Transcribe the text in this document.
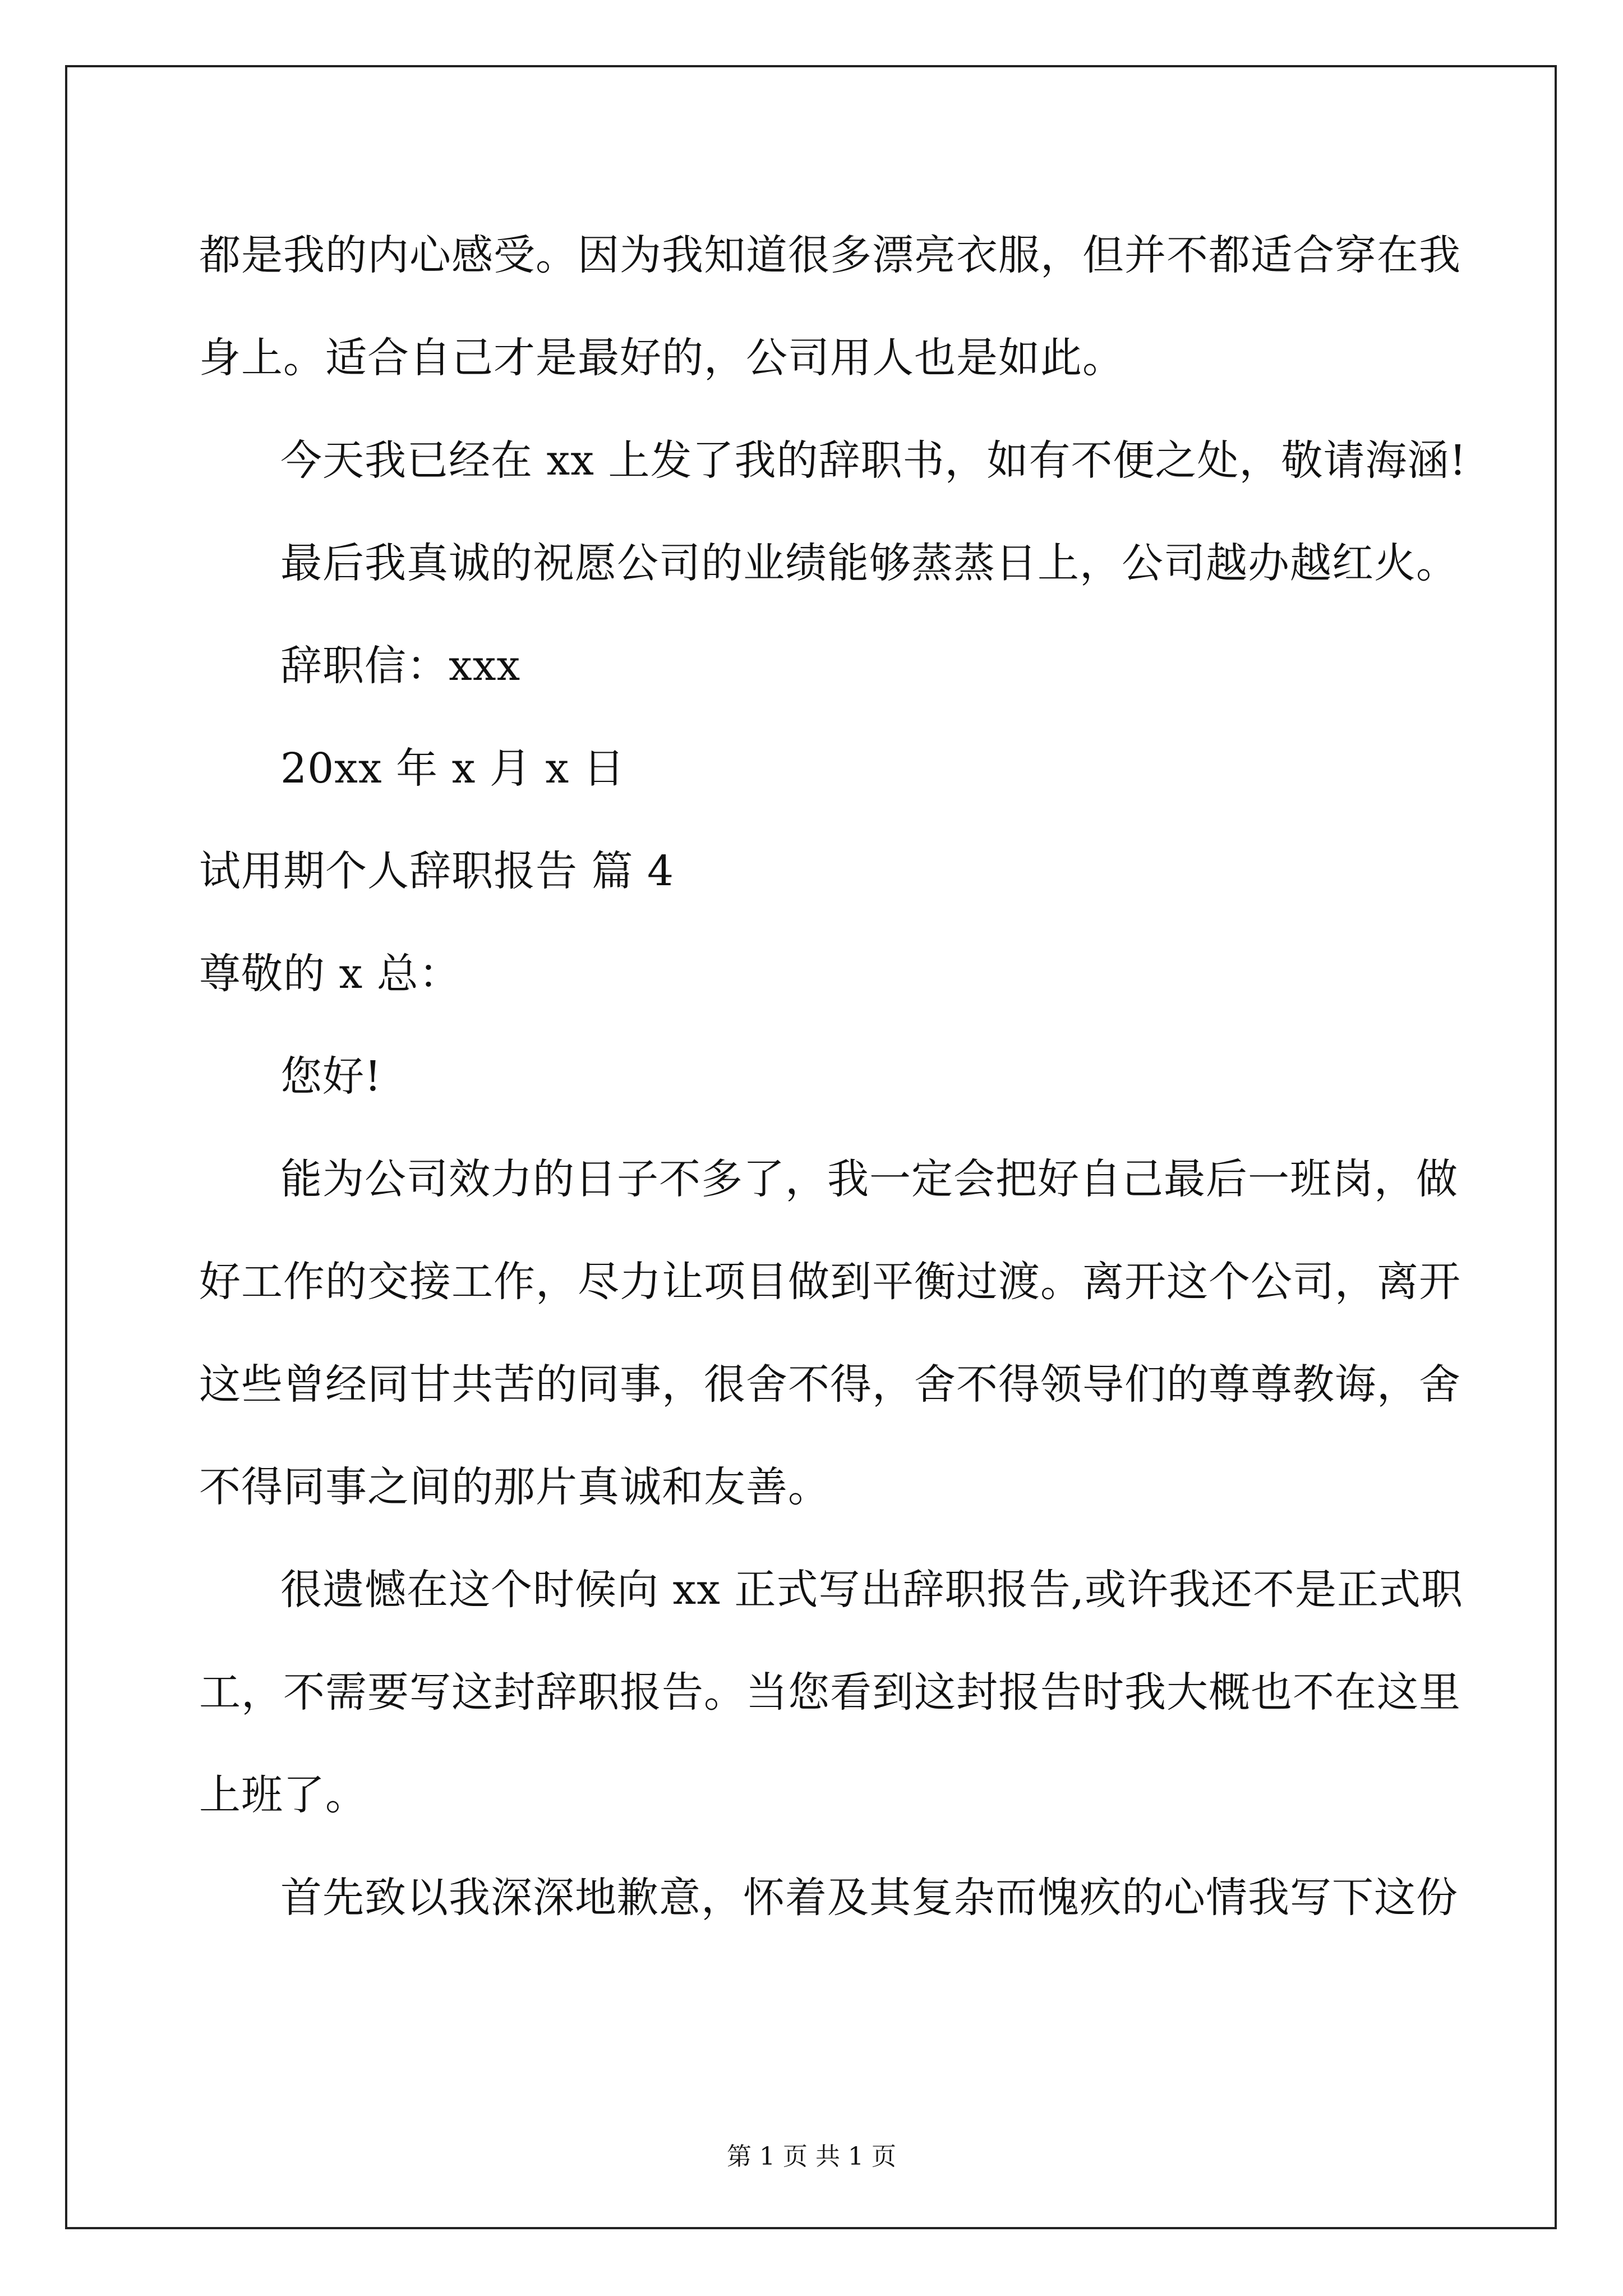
都是我的内心感受。因为我知道很多漂亮衣服，但并不都适合穿在我
身上。适合自己才是最好的，公司用人也是如此。
今天我已经在 xx 上发了我的辞职书，如有不便之处，敬请海涵!
最后我真诚的祝愿公司的业绩能够蒸蒸日上，公司越办越红火。
辞职信：xxx
20xx 年 x 月 x 日
试用期个人辞职报告 篇 4
尊敬的 x 总：
您好!
能为公司效力的日子不多了，我一定会把好自己最后一班岗，做
好工作的交接工作，尽力让项目做到平衡过渡。离开这个公司，离开
这些曾经同甘共苦的同事，很舍不得，舍不得领导们的尊尊教诲，舍
不得同事之间的那片真诚和友善。
很遗憾在这个时候向 xx 正式写出辞职报告,或许我还不是正式职
工，不需要写这封辞职报告。当您看到这封报告时我大概也不在这里
上班了。
首先致以我深深地歉意，怀着及其复杂而愧疚的心情我写下这份
第 1 页 共 1 页
